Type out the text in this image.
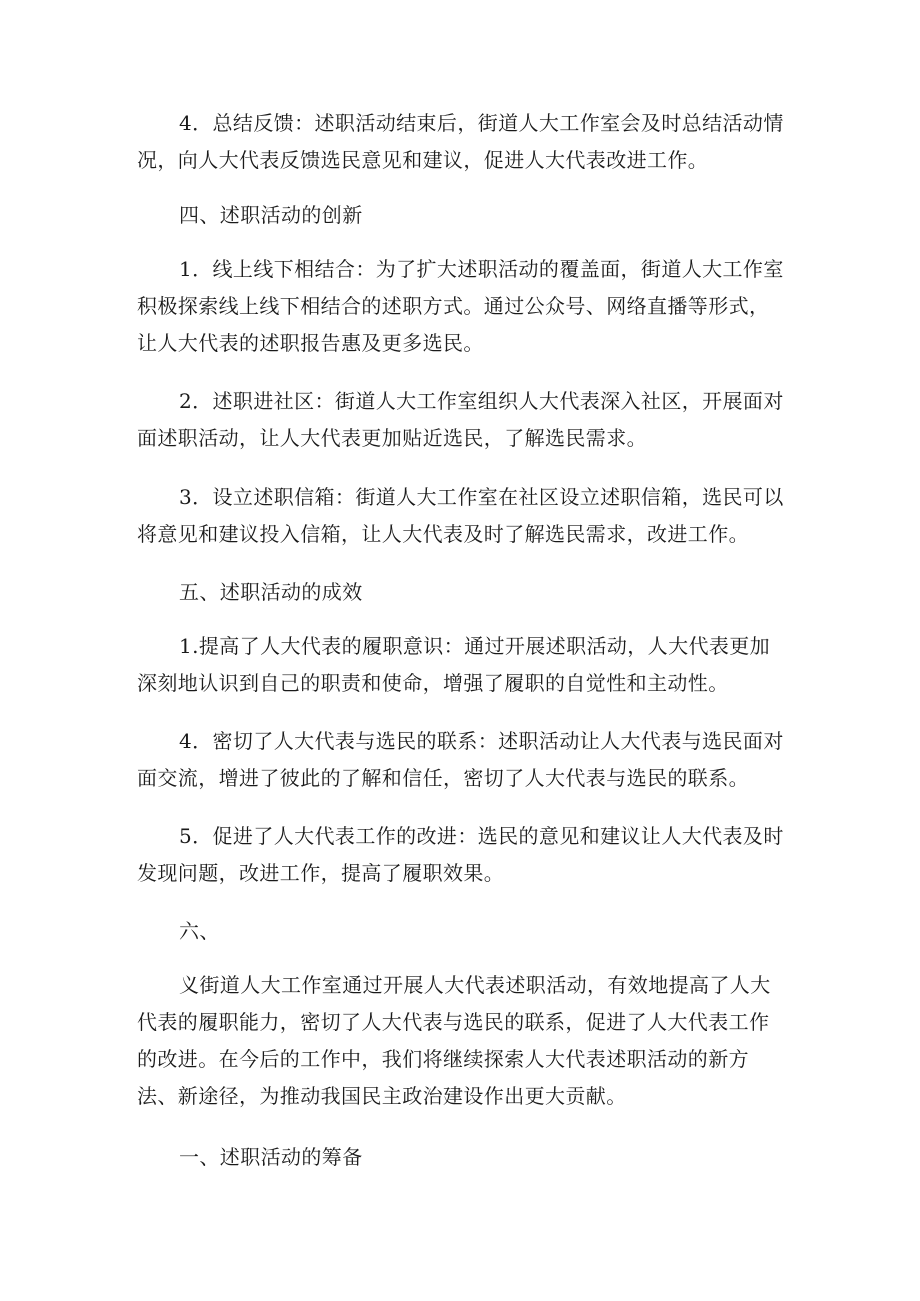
4．总结反馈：述职活动结束后，街道人大工作室会及时总结活动情况，向人大代表反馈选民意见和建议，促进人大代表改进工作。

四、述职活动的创新

1．线上线下相结合：为了扩大述职活动的覆盖面，街道人大工作室积极探索线上线下相结合的述职方式。通过公众号、网络直播等形式，让人大代表的述职报告惠及更多选民。

2．述职进社区：街道人大工作室组织人大代表深入社区，开展面对面述职活动，让人大代表更加贴近选民，了解选民需求。

3．设立述职信箱：街道人大工作室在社区设立述职信箱，选民可以将意见和建议投入信箱，让人大代表及时了解选民需求，改进工作。

五、述职活动的成效

1.提高了人大代表的履职意识：通过开展述职活动，人大代表更加深刻地认识到自己的职责和使命，增强了履职的自觉性和主动性。

4．密切了人大代表与选民的联系：述职活动让人大代表与选民面对面交流，增进了彼此的了解和信任，密切了人大代表与选民的联系。

5．促进了人大代表工作的改进：选民的意见和建议让人大代表及时发现问题，改进工作，提高了履职效果。

六、

义街道人大工作室通过开展人大代表述职活动，有效地提高了人大代表的履职能力，密切了人大代表与选民的联系，促进了人大代表工作的改进。在今后的工作中，我们将继续探索人大代表述职活动的新方法、新途径，为推动我国民主政治建设作出更大贡献。

一、述职活动的筹备
